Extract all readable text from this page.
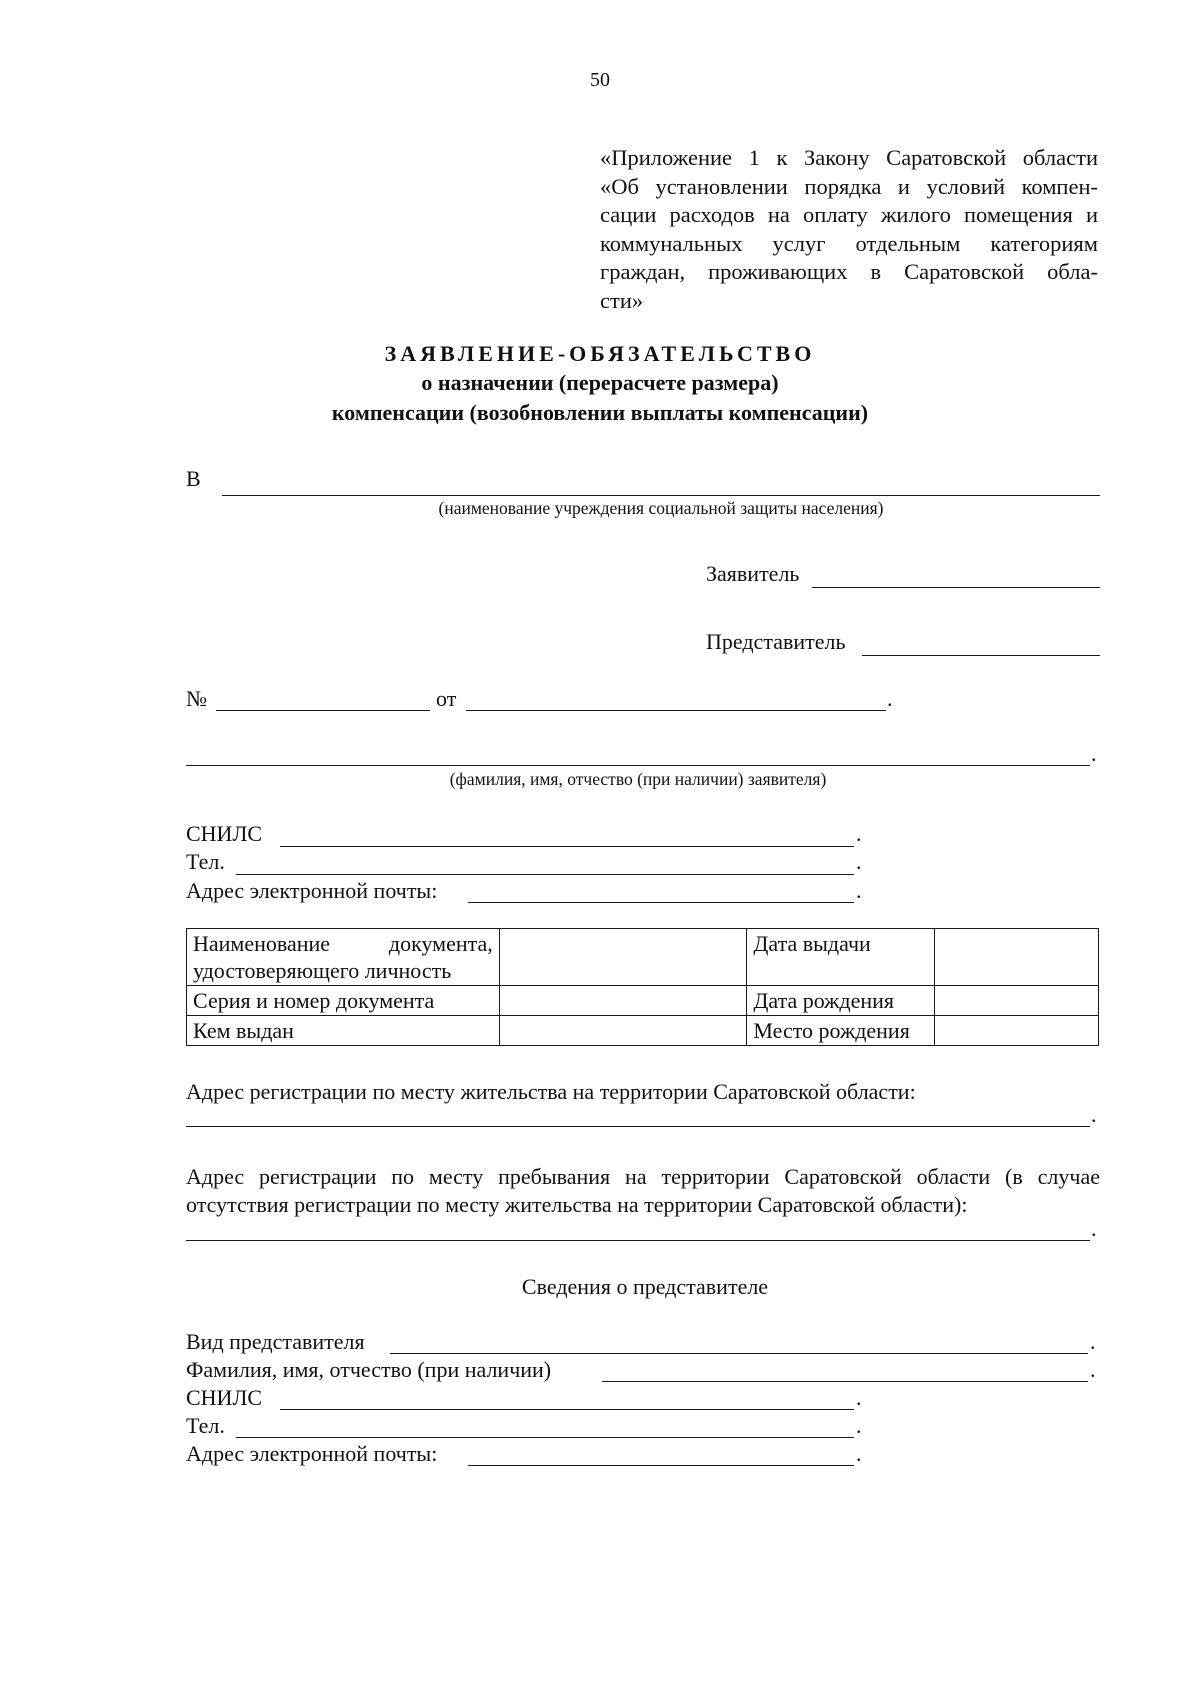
50
«Приложение 1 к Закону Саратовской области
«Об установлении порядка и условий компен-
сации расходов на оплату жилого помещения и
коммунальных услуг отдельным категориям
граждан, проживающих в Саратовской обла-
сти»
ЗАЯВЛЕНИЕ-ОБЯЗАТЕЛЬСТВО
о назначении (перерасчете размера)
компенсации (возобновлении выплаты компенсации)
В
(наименование учреждения социальной защиты населения)
Заявитель
Представитель
№	от	.
.
(фамилия, имя, отчество (при наличии) заявителя)
СНИЛС	.
Тел.	.
Адрес электронной почты:	.
Наименование документа,
удостоверяющего личность		Дата выдачи	
Серия и номер документа		Дата рождения	
Кем выдан		Место рождения	
Адрес регистрации по месту жительства на территории Саратовской области:
.
Адрес регистрации по месту пребывания на территории Саратовской области (в случае
отсутствия регистрации по месту жительства на территории Саратовской области):
.
Сведения о представителе
Вид представителя	.
Фамилия, имя, отчество (при наличии)	.
СНИЛС	.
Тел.	.
Адрес электронной почты:	.
